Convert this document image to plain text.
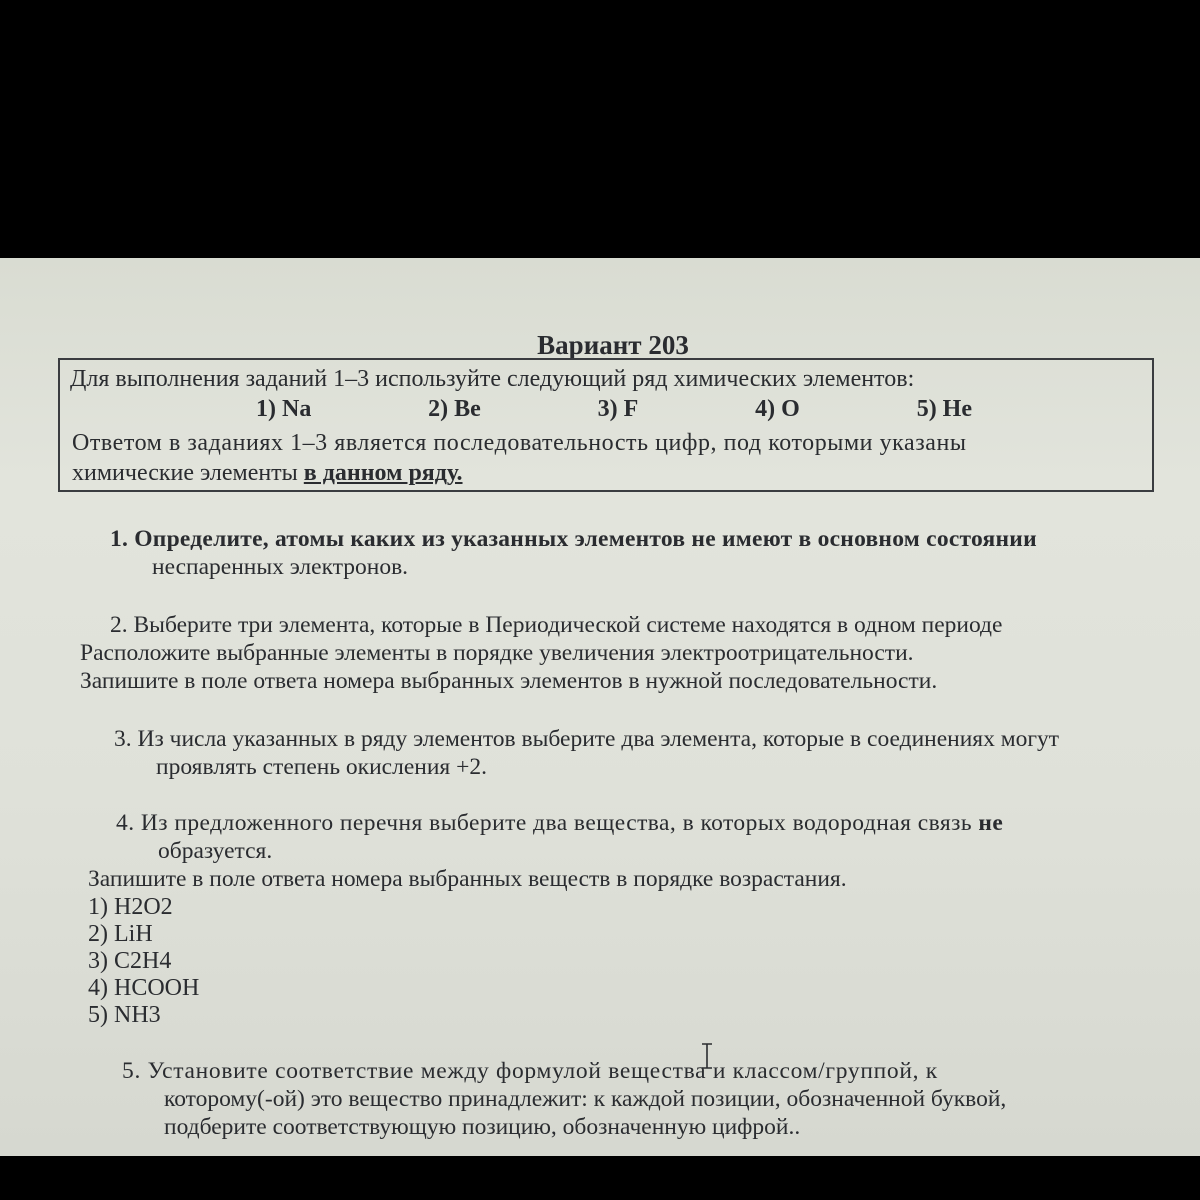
Вариант 203
Для выполнения заданий 1–3 используйте следующий ряд химических элементов:
1) Na	2) Be	3) F	4) O	5) He
Ответом в заданиях 1–3 является последовательность цифр, под которыми указаны
химические элементы в данном ряду.
1. Определите, атомы каких из указанных элементов не имеют в основном состоянии
неспаренных электронов.
2. Выберите три элемента, которые в Периодической системе находятся в одном периоде
Расположите выбранные элементы в порядке увеличения электроотрицательности.
Запишите в поле ответа номера выбранных элементов в нужной последовательности.
3. Из числа указанных в ряду элементов выберите два элемента, которые в соединениях могут
проявлять степень окисления +2.
4. Из предложенного перечня выберите два вещества, в которых водородная связь не
образуется.
Запишите в поле ответа номера выбранных веществ в порядке возрастания.
1) H2O2
2) LiH
3) C2H4
4) HCOOH
5) NH3
5. Установите соответствие между формулой вещества и классом/группой, к
которому(-ой) это вещество принадлежит: к каждой позиции, обозначенной буквой,
подберите соответствующую позицию, обозначенную цифрой..
